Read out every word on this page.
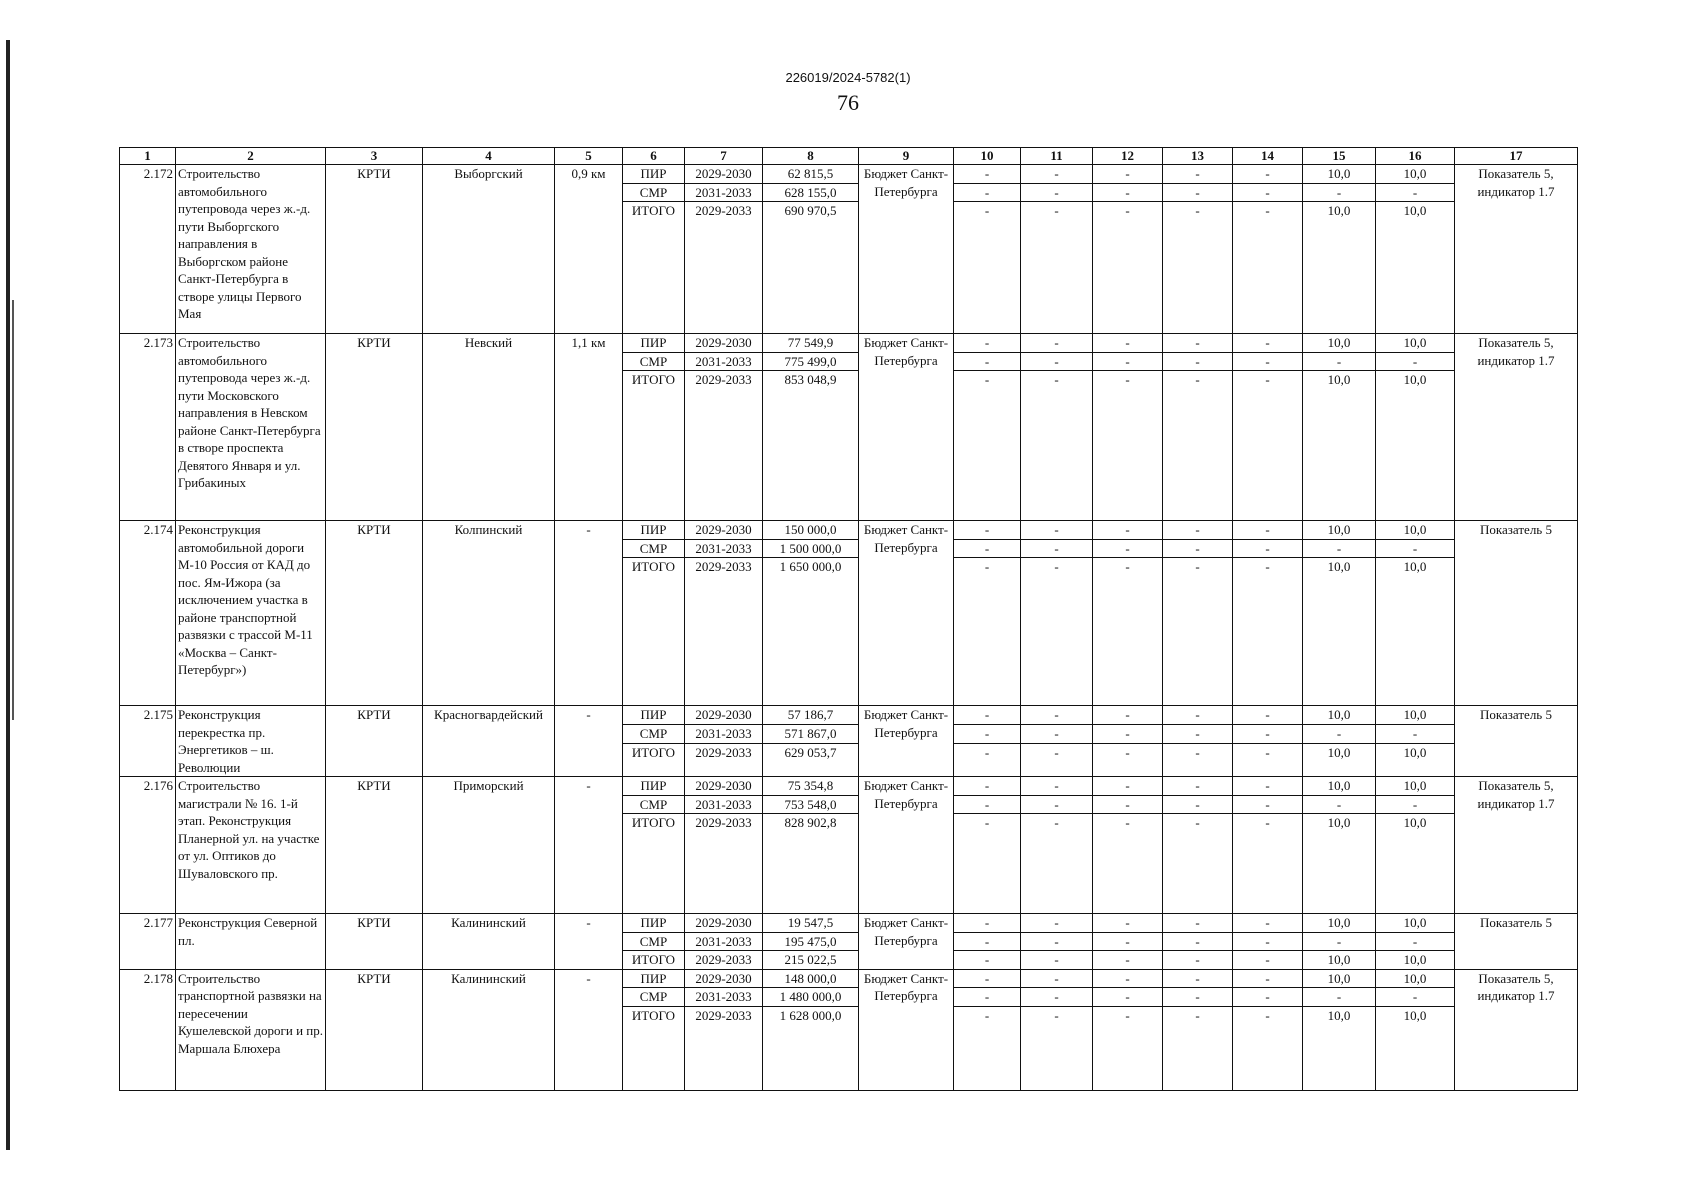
226019/2024-5782(1)
76
1	2	3	4	5	6	7	8	9	10	11	12	13	14	15	16	17
2.172	Строительство автомобильного путепровода через ж.-д. пути Выборгского направления в Выборгском районе Санкт-Петербурга в створе улицы Первого Мая	КРТИ	Выборгский	0,9 км	ПИР	2029-2030	62 815,5	Бюджет Санкт- Петербурга	-	-	-	-	-	10,0	10,0	Показатель 5, индикатор 1.7
					СМР	2031-2033	628 155,0		-	-	-	-	-	-	-	
					ИТОГО	2029-2033	690 970,5		-	-	-	-	-	10,0	10,0	
2.173	Строительство автомобильного путепровода через ж.-д. пути Московского направления в Невском районе Санкт-Петербурга в створе проспекта Девятого Января и ул. Грибакиных	КРТИ	Невский	1,1 км	ПИР	2029-2030	77 549,9	Бюджет Санкт- Петербурга	-	-	-	-	-	10,0	10,0	Показатель 5, индикатор 1.7
					СМР	2031-2033	775 499,0		-	-	-	-	-	-	-	
					ИТОГО	2029-2033	853 048,9		-	-	-	-	-	10,0	10,0	
2.174	Реконструкция автомобильной дороги М-10 Россия от КАД до пос. Ям-Ижора (за исключением участка в районе транспортной развязки с трассой М-11 «Москва – Санкт-Петербург»)	КРТИ	Колпинский	-	ПИР	2029-2030	150 000,0	Бюджет Санкт- Петербурга	-	-	-	-	-	10,0	10,0	Показатель 5
					СМР	2031-2033	1 500 000,0		-	-	-	-	-	-	-	
					ИТОГО	2029-2033	1 650 000,0		-	-	-	-	-	10,0	10,0	
2.175	Реконструкция перекрестка пр. Энергетиков – ш. Революции	КРТИ	Красногвардейский	-	ПИР	2029-2030	57 186,7	Бюджет Санкт- Петербурга	-	-	-	-	-	10,0	10,0	Показатель 5
					СМР	2031-2033	571 867,0		-	-	-	-	-	-	-	
					ИТОГО	2029-2033	629 053,7		-	-	-	-	-	10,0	10,0	
2.176	Строительство магистрали № 16. 1-й этап. Реконструкция Планерной ул. на участке от ул. Оптиков до Шуваловского пр.	КРТИ	Приморский	-	ПИР	2029-2030	75 354,8	Бюджет Санкт- Петербурга	-	-	-	-	-	10,0	10,0	Показатель 5, индикатор 1.7
					СМР	2031-2033	753 548,0		-	-	-	-	-	-	-	
					ИТОГО	2029-2033	828 902,8		-	-	-	-	-	10,0	10,0	
2.177	Реконструкция Северной пл.	КРТИ	Калининский	-	ПИР	2029-2030	19 547,5	Бюджет Санкт- Петербурга	-	-	-	-	-	10,0	10,0	Показатель 5
					СМР	2031-2033	195 475,0		-	-	-	-	-	-	-	
					ИТОГО	2029-2033	215 022,5		-	-	-	-	-	10,0	10,0	
2.178	Строительство транспортной развязки на пересечении Кушелевской дороги и пр. Маршала Блюхера	КРТИ	Калининский	-	ПИР	2029-2030	148 000,0	Бюджет Санкт- Петербурга	-	-	-	-	-	10,0	10,0	Показатель 5, индикатор 1.7
					СМР	2031-2033	1 480 000,0		-	-	-	-	-	-	-	
					ИТОГО	2029-2033	1 628 000,0		-	-	-	-	-	10,0	10,0	
